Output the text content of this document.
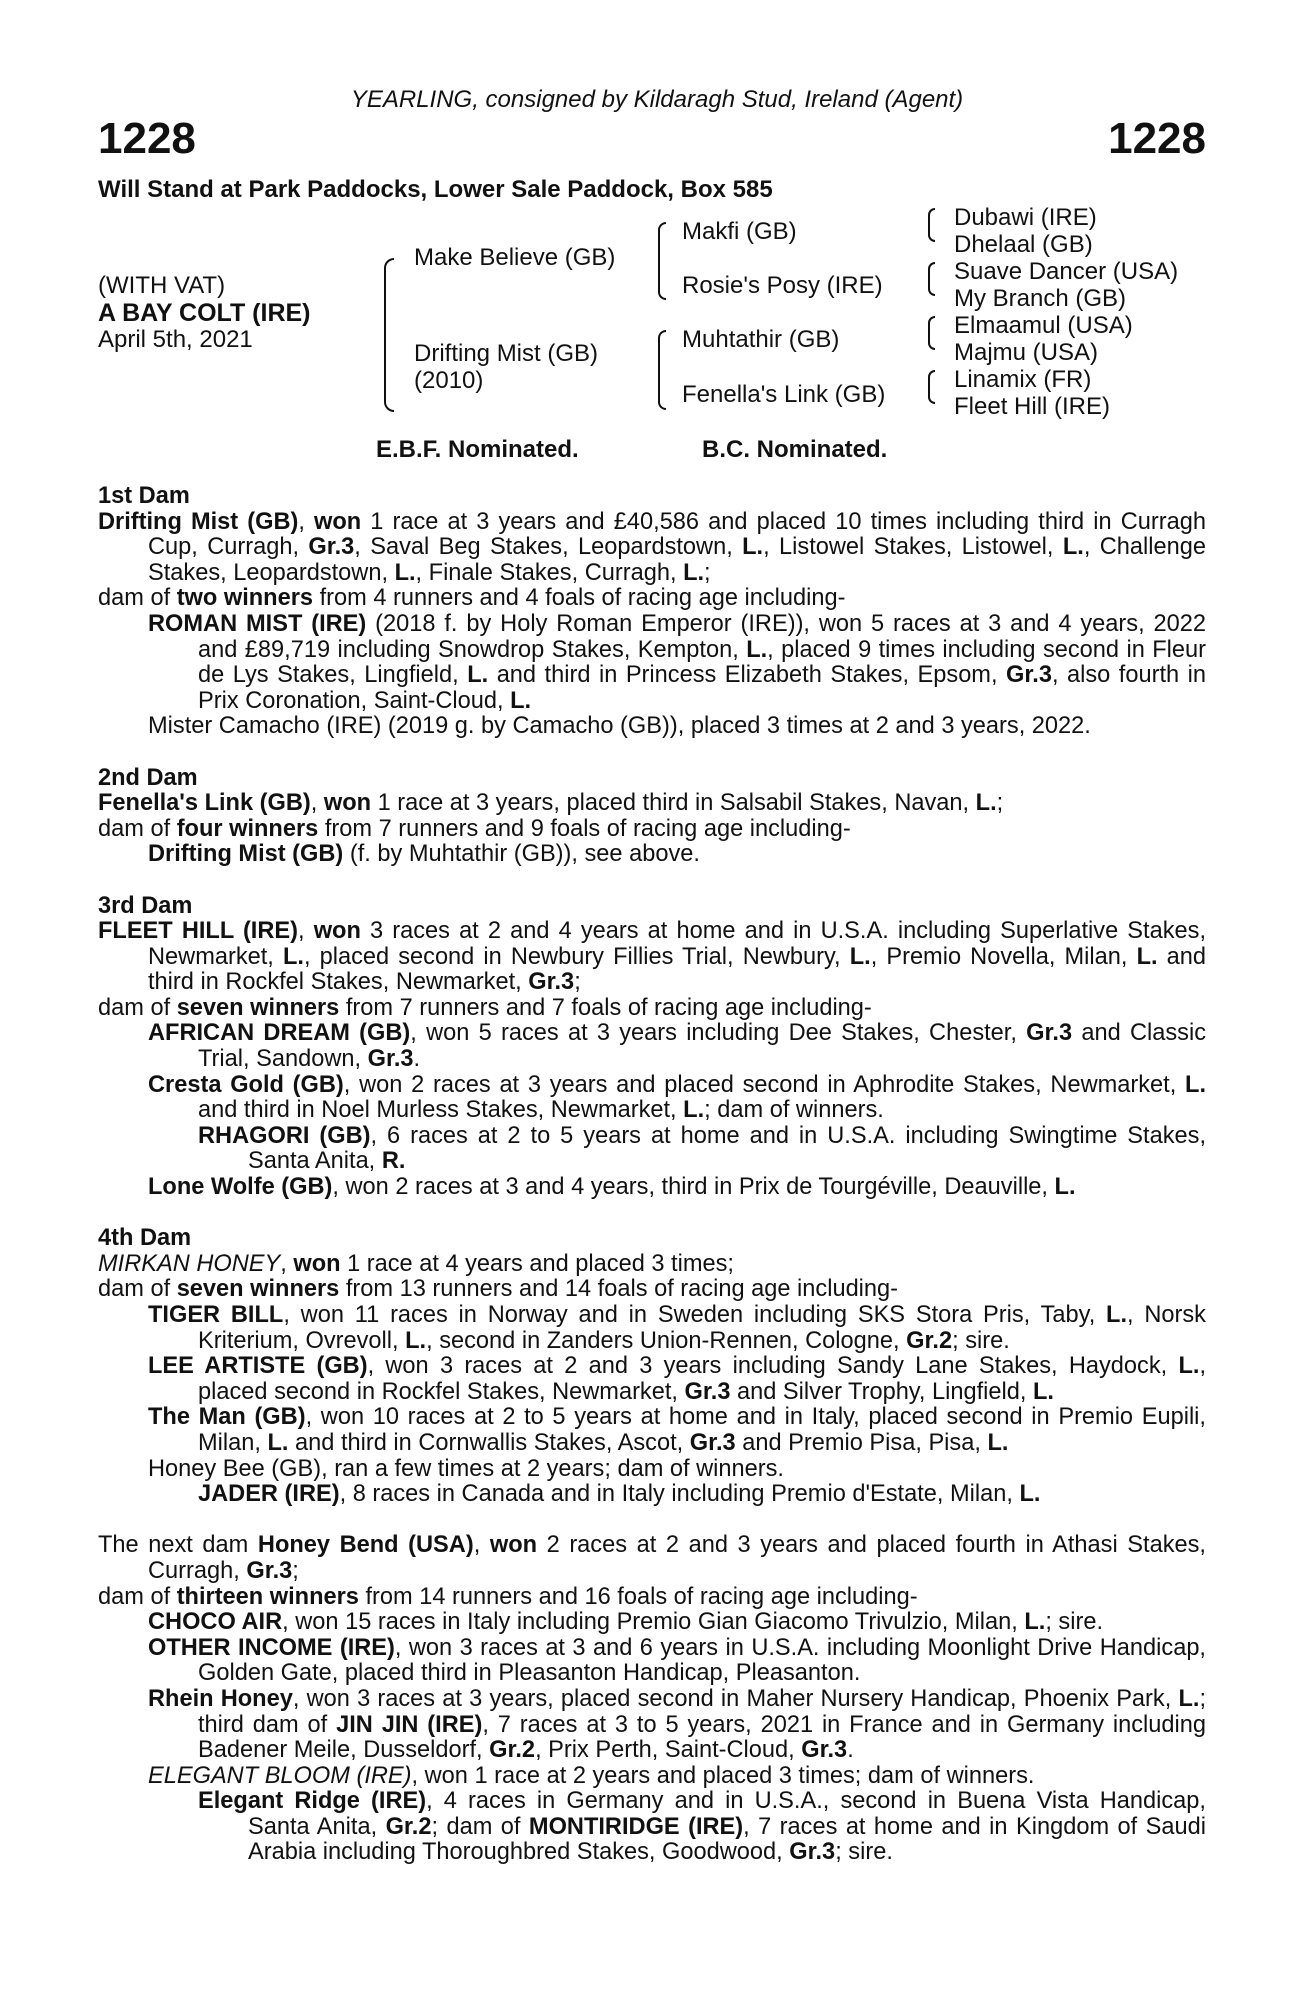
YEARLING, consigned by Kildaragh Stud, Ireland (Agent)
1228	1228
Will Stand at Park Paddocks, Lower Sale Paddock, Box 585
(WITH VAT)
A BAY COLT (IRE)
April 5th, 2021
Make Believe (GB)
Drifting Mist (GB)
(2010)
Makfi (GB)
Rosie's Posy (IRE)
Muhtathir (GB)
Fenella's Link (GB)
Dubawi (IRE)
Dhelaal (GB)
Suave Dancer (USA)
My Branch (GB)
Elmaamul (USA)
Majmu (USA)
Linamix (FR)
Fleet Hill (IRE)
E.B.F. Nominated.	B.C. Nominated.

1st Dam

Drifting Mist (GB), won 1 race at 3 years and £40,586 and placed 10 times including third in Curragh Cup, Curragh, Gr.3, Saval Beg Stakes, Leopardstown, L., Listowel Stakes, Listowel, L., Challenge Stakes, Leopardstown, L., Finale Stakes, Curragh, L.;

dam of two winners from 4 runners and 4 foals of racing age including-

ROMAN MIST (IRE) (2018 f. by Holy Roman Emperor (IRE)), won 5 races at 3 and 4 years, 2022 and £89,719 including Snowdrop Stakes, Kempton, L., placed 9 times including second in Fleur de Lys Stakes, Lingfield, L. and third in Princess Elizabeth Stakes, Epsom, Gr.3, also fourth in Prix Coronation, Saint-Cloud, L.

Mister Camacho (IRE) (2019 g. by Camacho (GB)), placed 3 times at 2 and 3 years, 2022.

2nd Dam

Fenella's Link (GB), won 1 race at 3 years, placed third in Salsabil Stakes, Navan, L.;

dam of four winners from 7 runners and 9 foals of racing age including-

Drifting Mist (GB) (f. by Muhtathir (GB)), see above.

3rd Dam

FLEET HILL (IRE), won 3 races at 2 and 4 years at home and in U.S.A. including Superlative Stakes, Newmarket, L., placed second in Newbury Fillies Trial, Newbury, L., Premio Novella, Milan, L. and third in Rockfel Stakes, Newmarket, Gr.3;

dam of seven winners from 7 runners and 7 foals of racing age including-

AFRICAN DREAM (GB), won 5 races at 3 years including Dee Stakes, Chester, Gr.3 and Classic Trial, Sandown, Gr.3.

Cresta Gold (GB), won 2 races at 3 years and placed second in Aphrodite Stakes, Newmarket, L. and third in Noel Murless Stakes, Newmarket, L.; dam of winners.

RHAGORI (GB), 6 races at 2 to 5 years at home and in U.S.A. including Swingtime Stakes, Santa Anita, R.

Lone Wolfe (GB), won 2 races at 3 and 4 years, third in Prix de Tourgéville, Deauville, L.

4th Dam

MIRKAN HONEY, won 1 race at 4 years and placed 3 times;

dam of seven winners from 13 runners and 14 foals of racing age including-

TIGER BILL, won 11 races in Norway and in Sweden including SKS Stora Pris, Taby, L., Norsk Kriterium, Ovrevoll, L., second in Zanders Union-Rennen, Cologne, Gr.2; sire.

LEE ARTISTE (GB), won 3 races at 2 and 3 years including Sandy Lane Stakes, Haydock, L., placed second in Rockfel Stakes, Newmarket, Gr.3 and Silver Trophy, Lingfield, L.

The Man (GB), won 10 races at 2 to 5 years at home and in Italy, placed second in Premio Eupili, Milan, L. and third in Cornwallis Stakes, Ascot, Gr.3 and Premio Pisa, Pisa, L.

Honey Bee (GB), ran a few times at 2 years; dam of winners.

JADER (IRE), 8 races in Canada and in Italy including Premio d'Estate, Milan, L.

The next dam Honey Bend (USA), won 2 races at 2 and 3 years and placed fourth in Athasi Stakes, Curragh, Gr.3;

dam of thirteen winners from 14 runners and 16 foals of racing age including-

CHOCO AIR, won 15 races in Italy including Premio Gian Giacomo Trivulzio, Milan, L.; sire.

OTHER INCOME (IRE), won 3 races at 3 and 6 years in U.S.A. including Moonlight Drive Handicap, Golden Gate, placed third in Pleasanton Handicap, Pleasanton.

Rhein Honey, won 3 races at 3 years, placed second in Maher Nursery Handicap, Phoenix Park, L.; third dam of JIN JIN (IRE), 7 races at 3 to 5 years, 2021 in France and in Germany including Badener Meile, Dusseldorf, Gr.2, Prix Perth, Saint-Cloud, Gr.3.

ELEGANT BLOOM (IRE), won 1 race at 2 years and placed 3 times; dam of winners.

Elegant Ridge (IRE), 4 races in Germany and in U.S.A., second in Buena Vista Handicap, Santa Anita, Gr.2; dam of MONTIRIDGE (IRE), 7 races at home and in Kingdom of Saudi Arabia including Thoroughbred Stakes, Goodwood, Gr.3; sire.
